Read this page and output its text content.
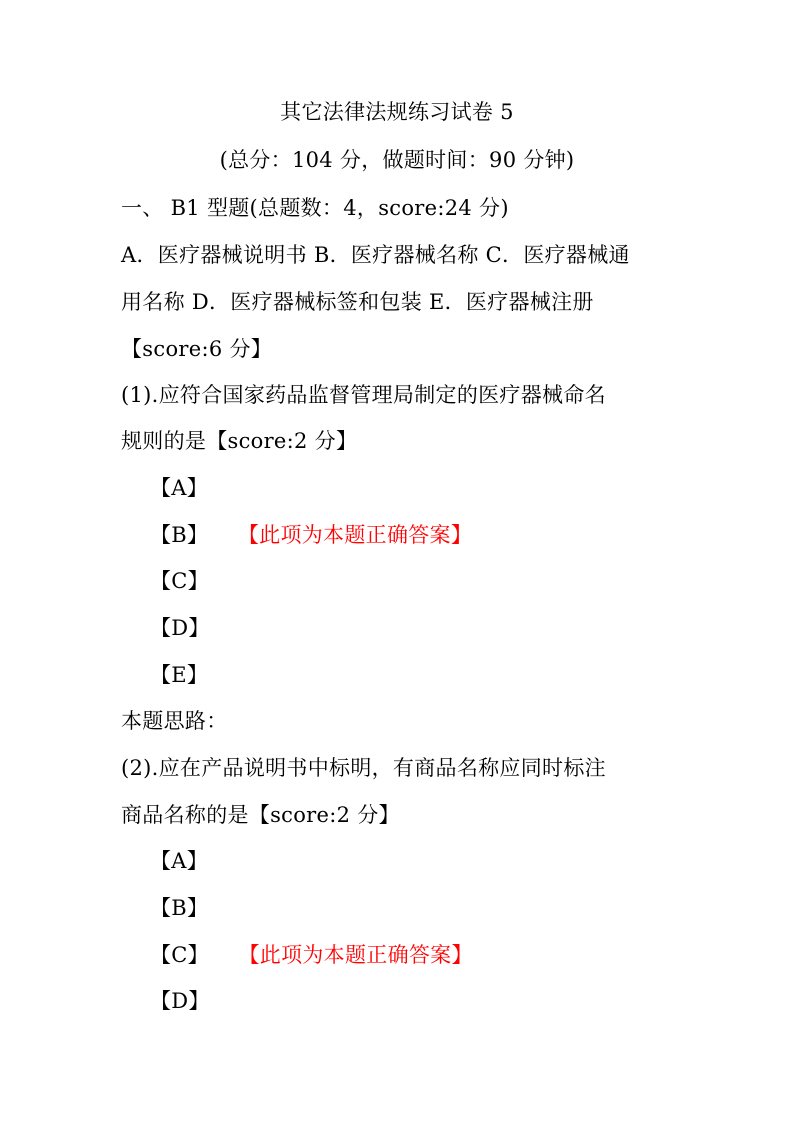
其它法律法规练习试卷 5
(总分：104 分，做题时间：90 分钟)
一、 B1 型题(总题数：4，score:24 分)
A．医疗器械说明书 B．医疗器械名称 C．医疗器械通
用名称 D．医疗器械标签和包装 E．医疗器械注册
【score:6 分】
(1).应符合国家药品监督管理局制定的医疗器械命名
规则的是【score:2 分】
【A】
【B】 【此项为本题正确答案】
【C】
【D】
【E】
本题思路：
(2).应在产品说明书中标明，有商品名称应同时标注
商品名称的是【score:2 分】
【A】
【B】
【C】 【此项为本题正确答案】
【D】
